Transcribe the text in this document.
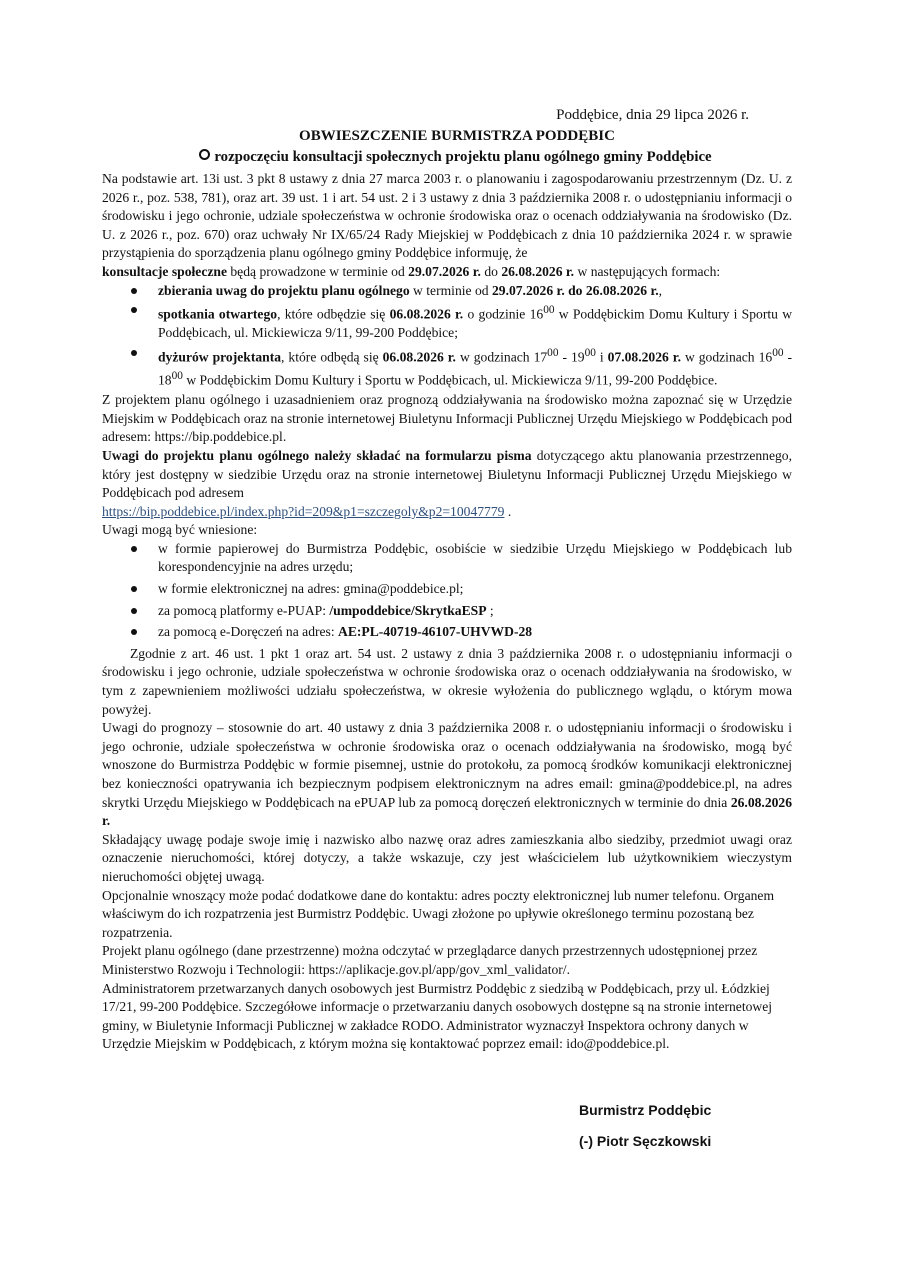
Poddębice, dnia 29 lipca 2026 r.
OBWIESZCZENIE BURMISTRZA PODDĘBIC
rozpoczęciu konsultacji społecznych projektu planu ogólnego gminy Poddębice

Na podstawie art. 13i ust. 3 pkt 8 ustawy z dnia 27 marca 2003 r. o planowaniu i zagospodarowaniu przestrzennym (Dz. U. z 2026 r., poz. 538, 781), oraz art. 39 ust. 1 i art. 54 ust. 2 i 3 ustawy z dnia 3 października 2008 r. o udostępnianiu informacji o środowisku i jego ochronie, udziale społeczeństwa w ochronie środowiska oraz o ocenach oddziaływania na środowisko (Dz. U. z 2026 r., poz. 670) oraz uchwały Nr IX/65/24 Rady Miejskiej w Poddębicach z dnia 10 października 2024 r. w sprawie przystąpienia do sporządzenia planu ogólnego gminy Poddębice informuję, że

konsultacje społeczne będą prowadzone w terminie od 29.07.2026 r. do 26.08.2026 r. w następujących formach:

zbierania uwag do projektu planu ogólnego w terminie od 29.07.2026 r. do 26.08.2026 r.,
spotkania otwartego, które odbędzie się 06.08.2026 r. o godzinie $16^{00}$ w Poddębickim Domu Kultury i Sportu w Poddębicach, ul. Mickiewicza 9/11, 99-200 Poddębice;
dyżurów projektanta, które odbędą się 06.08.2026 r. w godzinach $17^{00} - 19^{00}$ i 07.08.2026 r. w godzinach $16^{00} - 18^{00}$ w Poddębickim Domu Kultury i Sportu w Poddębicach, ul. Mickiewicza 9/11, 99-200 Poddębice.

Z projektem planu ogólnego i uzasadnieniem oraz prognozą oddziaływania na środowisko można zapoznać się w Urzędzie Miejskim w Poddębicach oraz na stronie internetowej Biuletynu Informacji Publicznej Urzędu Miejskiego w Poddębicach pod adresem: https://bip.poddebice.pl.

Uwagi do projektu planu ogólnego należy składać na formularzu pisma dotyczącego aktu planowania przestrzennego, który jest dostępny w siedzibie Urzędu oraz na stronie internetowej Biuletynu Informacji Publicznej Urzędu Miejskiego w Poddębicach pod adresem

https://bip.poddebice.pl/index.php?id=209&p1=szczegoly&p2=10047779 .

Uwagi mogą być wniesione:

w formie papierowej do Burmistrza Poddębic, osobiście w siedzibie Urzędu Miejskiego w Poddębicach lub korespondencyjnie na adres urzędu;
w formie elektronicznej na adres: gmina@poddebice.pl;
za pomocą platformy e-PUAP: /umpoddebice/SkrytkaESP ;
za pomocą e-Doręczeń na adres: AE:PL-40719-46107-UHVWD-28

Zgodnie z art. 46 ust. 1 pkt 1 oraz art. 54 ust. 2 ustawy z dnia 3 października 2008 r. o udostępnianiu informacji o środowisku i jego ochronie, udziale społeczeństwa w ochronie środowiska oraz o ocenach oddziaływania na środowisko, w tym z zapewnieniem możliwości udziału społeczeństwa, w okresie wyłożenia do publicznego wglądu, o którym mowa powyżej.

Uwagi do prognozy – stosownie do art. 40 ustawy z dnia 3 października 2008 r. o udostępnianiu informacji o środowisku i jego ochronie, udziale społeczeństwa w ochronie środowiska oraz o ocenach oddziaływania na środowisko, mogą być wnoszone do Burmistrza Poddębic w formie pisemnej, ustnie do protokołu, za pomocą środków komunikacji elektronicznej bez konieczności opatrywania ich bezpiecznym podpisem elektronicznym na adres email: gmina@poddebice.pl, na adres skrytki Urzędu Miejskiego w Poddębicach na ePUAP lub za pomocą doręczeń elektronicznych w terminie do dnia 26.08.2026 r.

Składający uwagę podaje swoje imię i nazwisko albo nazwę oraz adres zamieszkania albo siedziby, przedmiot uwagi oraz oznaczenie nieruchomości, której dotyczy, a także wskazuje, czy jest właścicielem lub użytkownikiem wieczystym nieruchomości objętej uwagą.

Opcjonalnie wnoszący może podać dodatkowe dane do kontaktu: adres poczty elektronicznej lub numer telefonu. Organem właściwym do ich rozpatrzenia jest Burmistrz Poddębic. Uwagi złożone po upływie określonego terminu pozostaną bez rozpatrzenia.

Projekt planu ogólnego (dane przestrzenne) można odczytać w przeglądarce danych przestrzennych udostępnionej przez Ministerstwo Rozwoju i Technologii: https://aplikacje.gov.pl/app/gov_xml_validator/.

Administratorem przetwarzanych danych osobowych jest Burmistrz Poddębic z siedzibą w Poddębicach, przy ul. Łódzkiej 17/21, 99-200 Poddębice. Szczegółowe informacje o przetwarzaniu danych osobowych dostępne są na stronie internetowej gminy, w Biuletynie Informacji Publicznej w zakładce RODO. Administrator wyznaczył Inspektora ochrony danych w Urzędzie Miejskim w Poddębicach, z którym można się kontaktować poprzez email: ido@poddebice.pl.

Burmistrz Poddębic
(-) Piotr Sęczkowski
